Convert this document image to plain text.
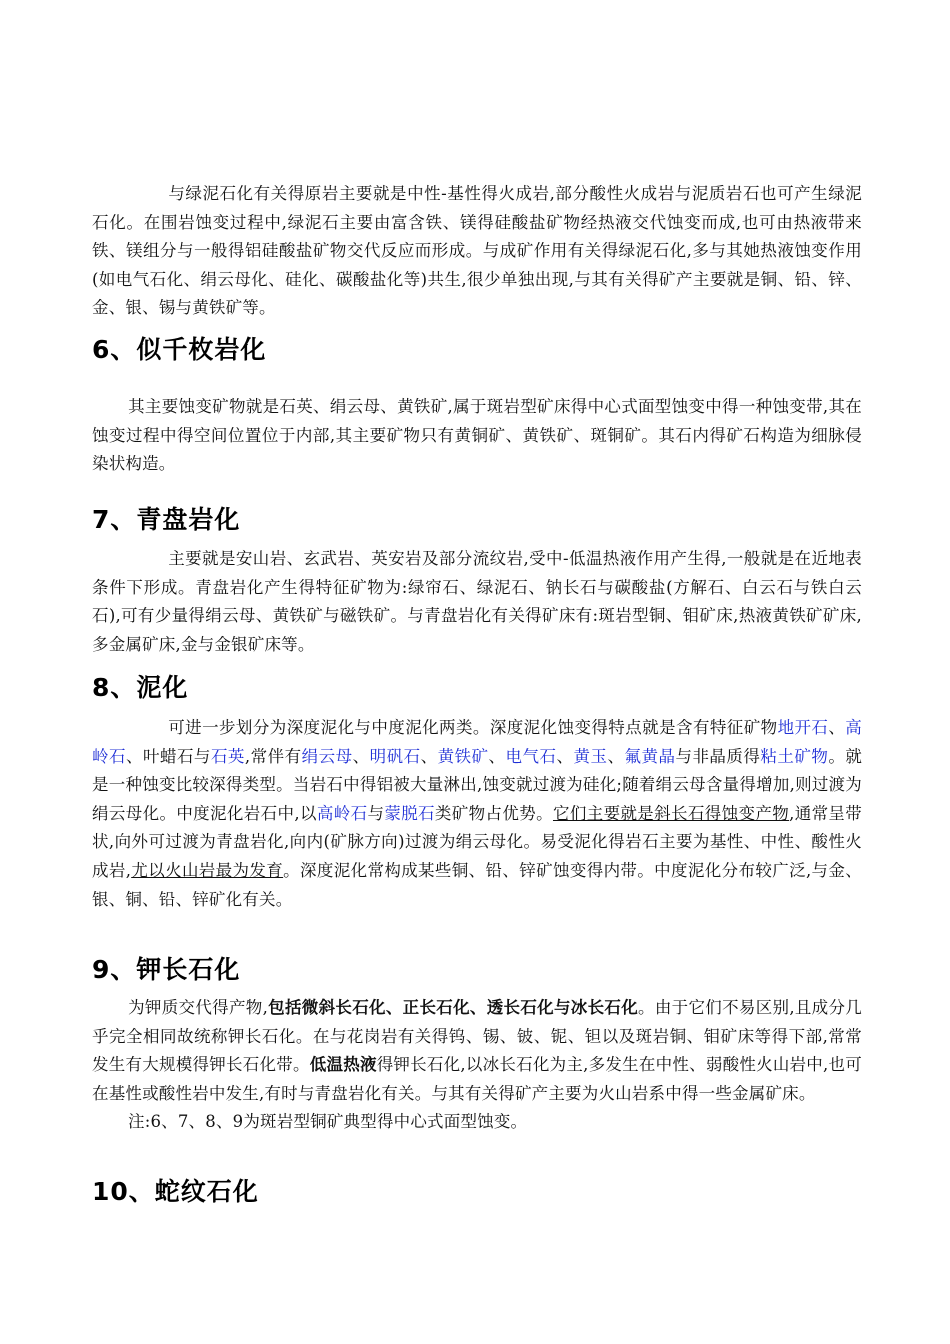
与绿泥石化有关得原岩主要就是中性-基性得火成岩,部分酸性火成岩与泥质岩石也可产生绿泥石化。在围岩蚀变过程中,绿泥石主要由富含铁、镁得硅酸盐矿物经热液交代蚀变而成,也可由热液带来铁、镁组分与一般得铝硅酸盐矿物交代反应而形成。与成矿作用有关得绿泥石化,多与其她热液蚀变作用(如电气石化、绢云母化、硅化、碳酸盐化等)共生,很少单独出现,与其有关得矿产主要就是铜、铅、锌、金、银、锡与黄铁矿等。

6、似千枚岩化

其主要蚀变矿物就是石英、绢云母、黄铁矿,属于斑岩型矿床得中心式面型蚀变中得一种蚀变带,其在蚀变过程中得空间位置位于内部,其主要矿物只有黄铜矿、黄铁矿、斑铜矿。其石内得矿石构造为细脉侵染状构造。

7、青盘岩化

主要就是安山岩、玄武岩、英安岩及部分流纹岩,受中-低温热液作用产生得,一般就是在近地表条件下形成。青盘岩化产生得特征矿物为:绿帘石、绿泥石、钠长石与碳酸盐(方解石、白云石与铁白云石),可有少量得绢云母、黄铁矿与磁铁矿。与青盘岩化有关得矿床有:斑岩型铜、钼矿床,热液黄铁矿矿床,多金属矿床,金与金银矿床等。

8、泥化

可进一步划分为深度泥化与中度泥化两类。深度泥化蚀变得特点就是含有特征矿物地开石、高岭石、叶蜡石与石英,常伴有绢云母、明矾石、黄铁矿、电气石、黄玉、氟黄晶与非晶质得粘土矿物。就是一种蚀变比较深得类型。当岩石中得铝被大量淋出,蚀变就过渡为硅化;随着绢云母含量得增加,则过渡为绢云母化。中度泥化岩石中,以高岭石与蒙脱石类矿物占优势。它们主要就是斜长石得蚀变产物,通常呈带状,向外可过渡为青盘岩化,向内(矿脉方向)过渡为绢云母化。易受泥化得岩石主要为基性、中性、酸性火成岩,尤以火山岩最为发育。深度泥化常构成某些铜、铅、锌矿蚀变得内带。中度泥化分布较广泛,与金、银、铜、铅、锌矿化有关。

9、钾长石化

为钾质交代得产物,包括微斜长石化、正长石化、透长石化与冰长石化。由于它们不易区别,且成分几乎完全相同故统称钾长石化。在与花岗岩有关得钨、锡、铍、铌、钽以及斑岩铜、钼矿床等得下部,常常发生有大规模得钾长石化带。低温热液得钾长石化,以冰长石化为主,多发生在中性、弱酸性火山岩中,也可在基性或酸性岩中发生,有时与青盘岩化有关。与其有关得矿产主要为火山岩系中得一些金属矿床。

注:6、7、8、9为斑岩型铜矿典型得中心式面型蚀变。

10、蛇纹石化
